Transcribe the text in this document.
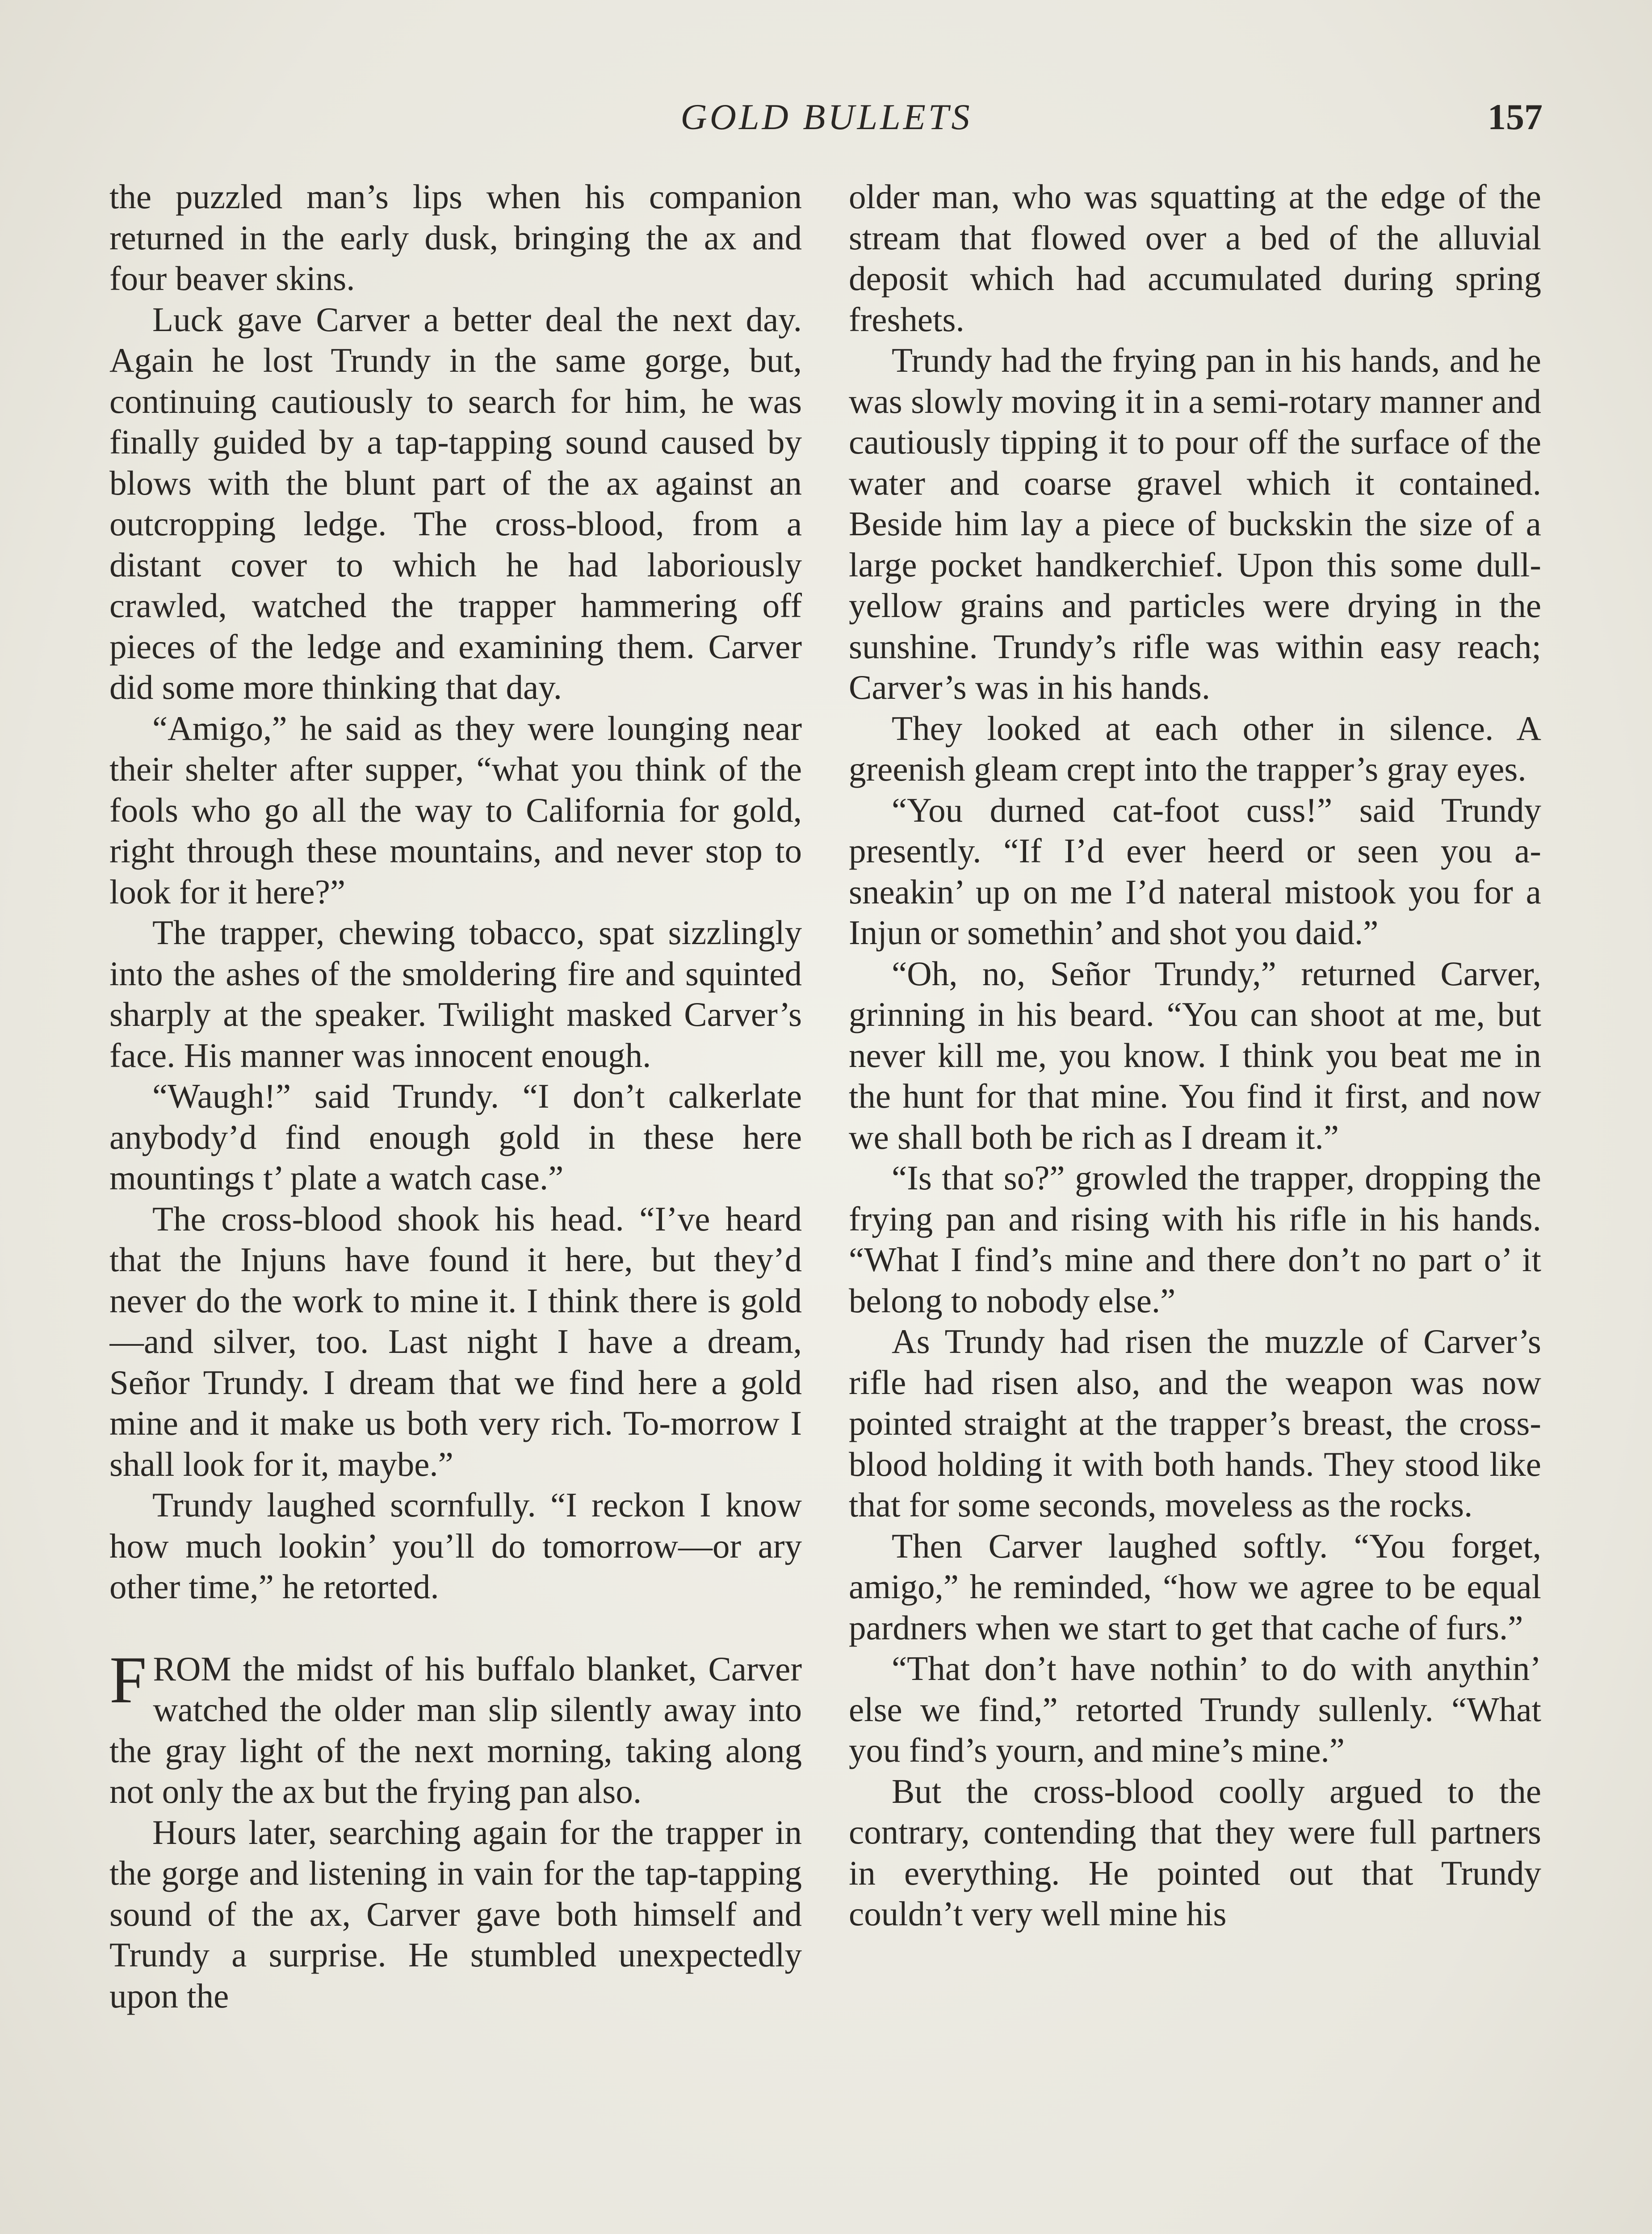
GOLD BULLETS	157

the puzzled man’s lips when his companion returned in the early dusk, bringing the ax and four beaver skins.

Luck gave Carver a better deal the next day. Again he lost Trundy in the same gorge, but, continuing cautiously to search for him, he was finally guided by a tap-tapping sound caused by blows with the blunt part of the ax against an outcropping ledge. The cross-blood, from a distant cover to which he had laboriously crawled, watched the trapper hammering off pieces of the ledge and examining them. Carver did some more thinking that day.

“Amigo,” he said as they were lounging near their shelter after supper, “what you think of the fools who go all the way to California for gold, right through these mountains, and never stop to look for it here?”

The trapper, chewing tobacco, spat sizzlingly into the ashes of the smoldering fire and squinted sharply at the speaker. Twilight masked Carver’s face. His manner was innocent enough.

“Waugh!” said Trundy. “I don’t calkerlate anybody’d find enough gold in these here mountings t’ plate a watch case.”

The cross-blood shook his head. “I’ve heard that the Injuns have found it here, but they’d never do the work to mine it. I think there is gold—and silver, too. Last night I have a dream, Señor Trundy. I dream that we find here a gold mine and it make us both very rich. To-morrow I shall look for it, maybe.”

Trundy laughed scornfully. “I reckon I know how much lookin’ you’ll do tomorrow—or ary other time,” he retorted.

FROM the midst of his buffalo blanket, Carver watched the older man slip silently away into the gray light of the next morning, taking along not only the ax but the frying pan also.

Hours later, searching again for the trapper in the gorge and listening in vain for the tap-tapping sound of the ax, Carver gave both himself and Trundy a surprise. He stumbled unexpectedly upon the

older man, who was squatting at the edge of the stream that flowed over a bed of the alluvial deposit which had accumulated during spring freshets.

Trundy had the frying pan in his hands, and he was slowly moving it in a semi-rotary manner and cautiously tipping it to pour off the surface of the water and coarse gravel which it contained. Beside him lay a piece of buckskin the size of a large pocket handkerchief. Upon this some dull-yellow grains and particles were drying in the sunshine. Trundy’s rifle was within easy reach; Carver’s was in his hands.

They looked at each other in silence. A greenish gleam crept into the trapper’s gray eyes.

“You durned cat-foot cuss!” said Trundy presently. “If I’d ever heerd or seen you a-sneakin’ up on me I’d nateral mistook you for a Injun or somethin’ and shot you daid.”

“Oh, no, Señor Trundy,” returned Carver, grinning in his beard. “You can shoot at me, but never kill me, you know. I think you beat me in the hunt for that mine. You find it first, and now we shall both be rich as I dream it.”

“Is that so?” growled the trapper, dropping the frying pan and rising with his rifle in his hands. “What I find’s mine and there don’t no part o’ it belong to nobody else.”

As Trundy had risen the muzzle of Carver’s rifle had risen also, and the weapon was now pointed straight at the trapper’s breast, the cross-blood holding it with both hands. They stood like that for some seconds, moveless as the rocks.

Then Carver laughed softly. “You forget, amigo,” he reminded, “how we agree to be equal pardners when we start to get that cache of furs.”

“That don’t have nothin’ to do with anythin’ else we find,” retorted Trundy sullenly. “What you find’s yourn, and mine’s mine.”

But the cross-blood coolly argued to the contrary, contending that they were full partners in everything. He pointed out that Trundy couldn’t very well mine his
